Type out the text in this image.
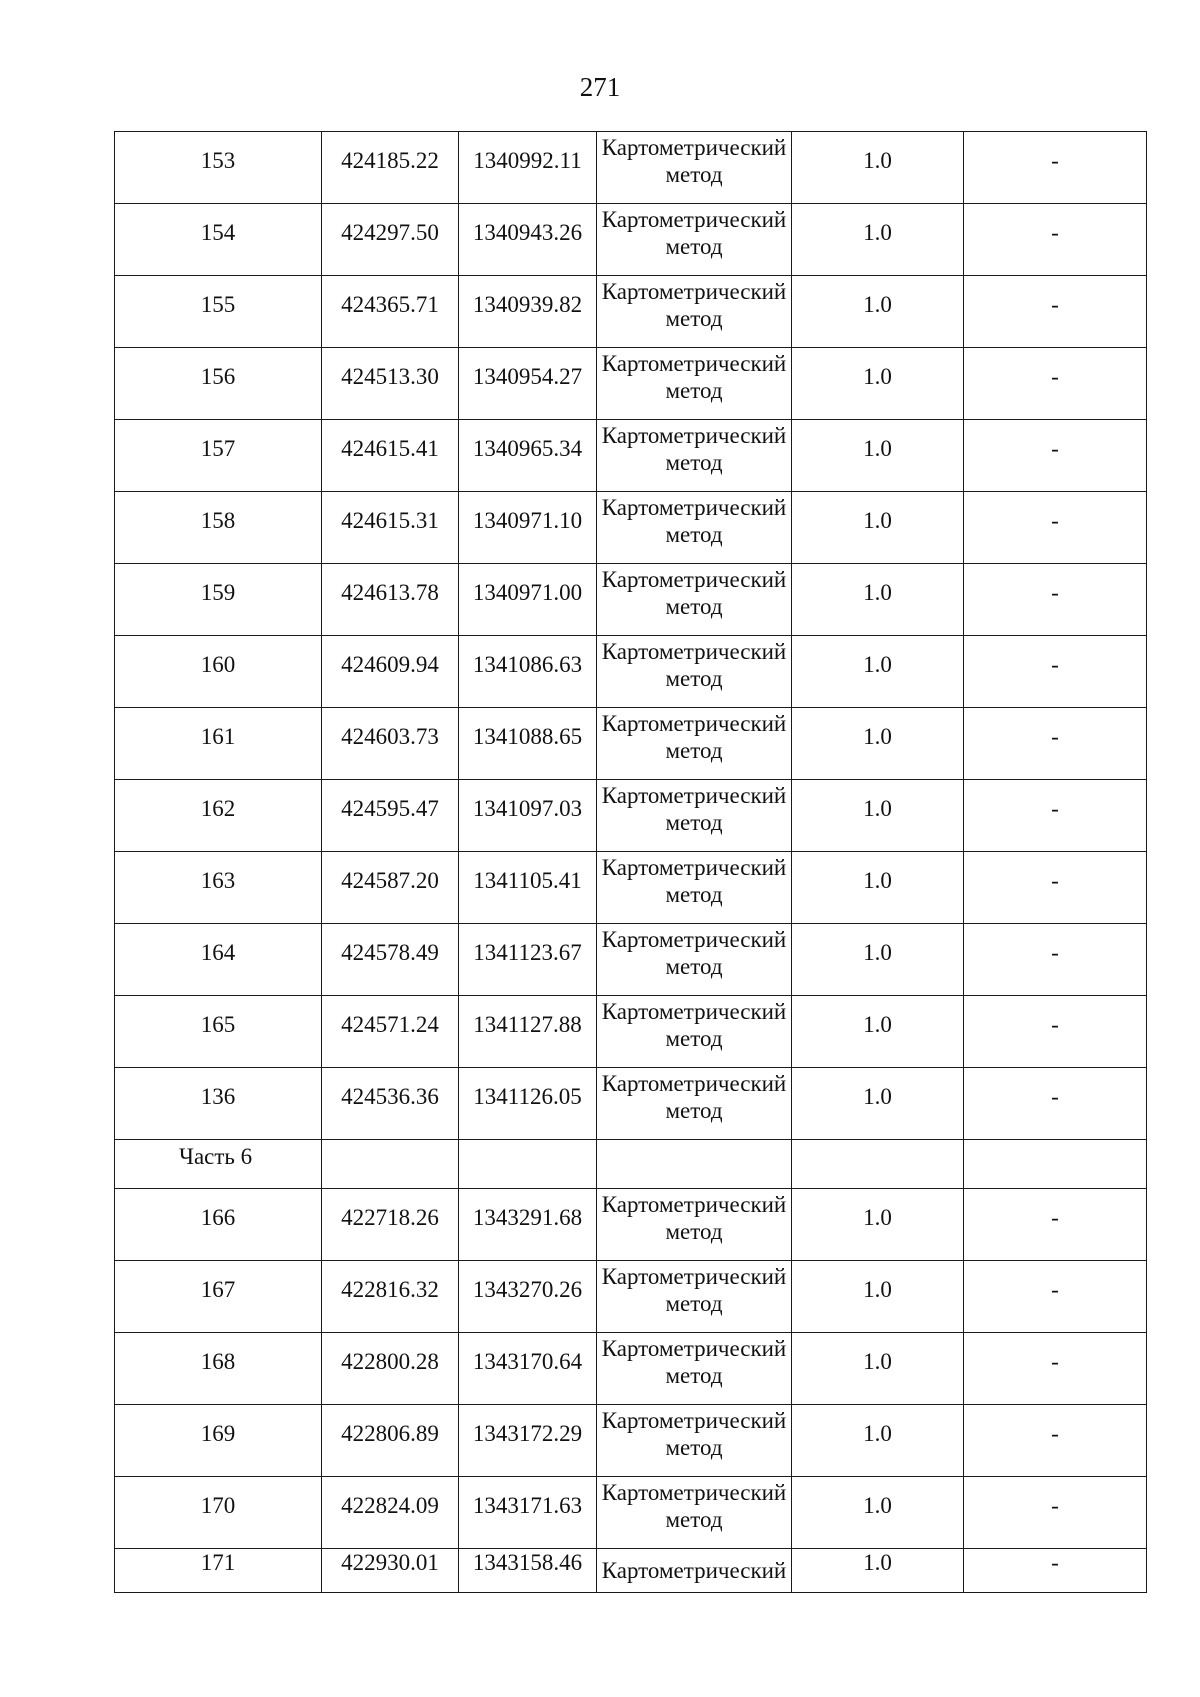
271
153	424185.22	1340992.11	Картометрический метод	1.0	-

154	424297.50	1340943.26	Картометрический метод	1.0	-

155	424365.71	1340939.82	Картометрический метод	1.0	-

156	424513.30	1340954.27	Картометрический метод	1.0	-

157	424615.41	1340965.34	Картометрический метод	1.0	-

158	424615.31	1340971.10	Картометрический метод	1.0	-

159	424613.78	1340971.00	Картометрический метод	1.0	-

160	424609.94	1341086.63	Картометрический метод	1.0	-

161	424603.73	1341088.65	Картометрический метод	1.0	-

162	424595.47	1341097.03	Картометрический метод	1.0	-

163	424587.20	1341105.41	Картометрический метод	1.0	-

164	424578.49	1341123.67	Картометрический метод	1.0	-

165	424571.24	1341127.88	Картометрический метод	1.0	-

136	424536.36	1341126.05	Картометрический метод	1.0	-

Часть 6					

166	422718.26	1343291.68	Картометрический метод	1.0	-

167	422816.32	1343270.26	Картометрический метод	1.0	-

168	422800.28	1343170.64	Картометрический метод	1.0	-

169	422806.89	1343172.29	Картометрический метод	1.0	-

170	422824.09	1343171.63	Картометрический метод	1.0	-

171	422930.01	1343158.46	Картометрический	1.0	-
